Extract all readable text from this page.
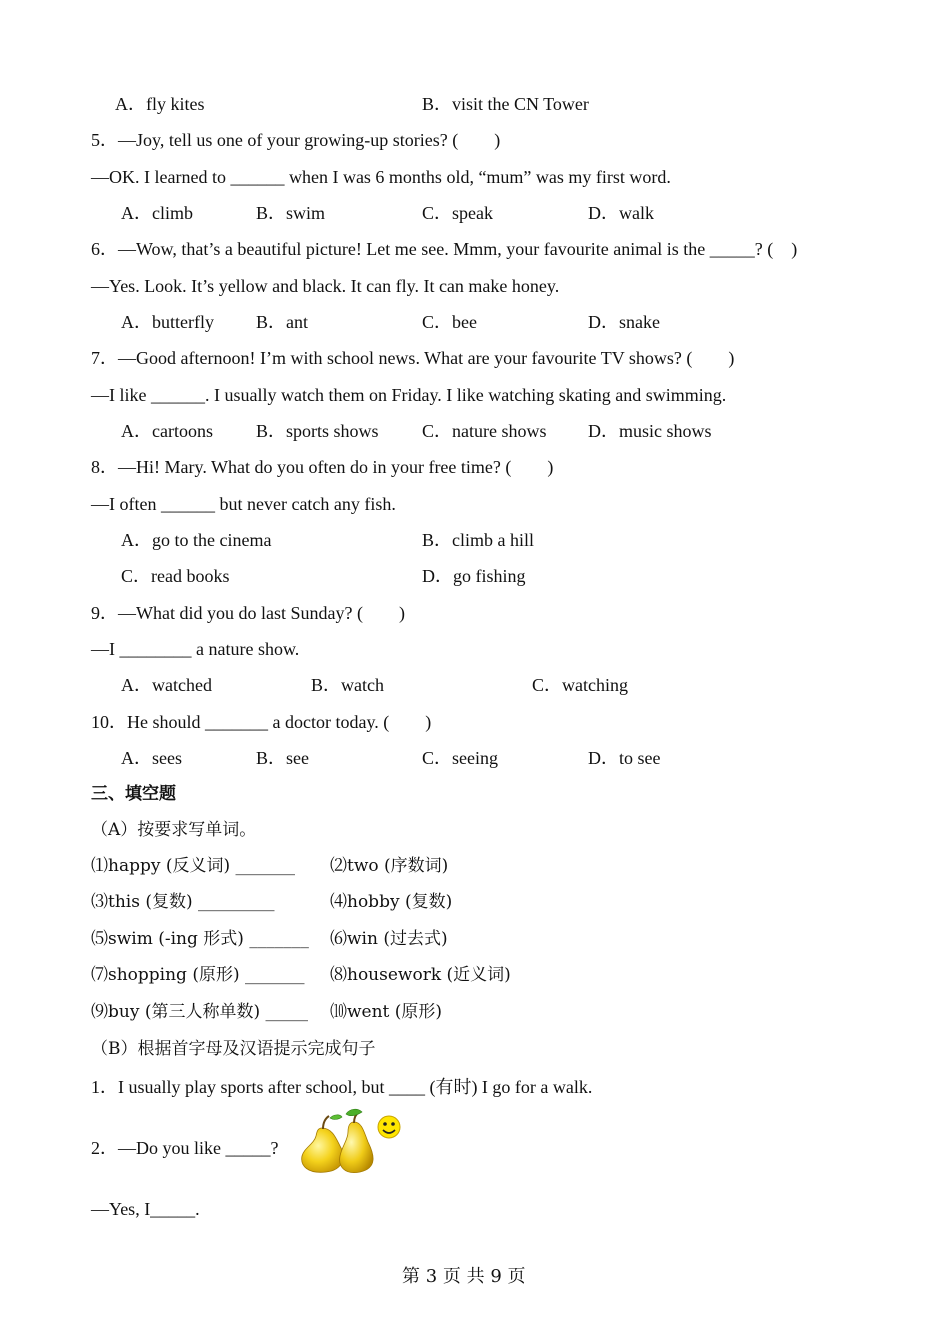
A．fly kites	B．visit the CN Tower
5．—Joy, tell us one of your growing-up stories? (　　)
—OK. I learned to ______ when I was 6 months old, “mum” was my first word.
A．climb	B．swim	C．speak	D．walk
6．—Wow, that’s a beautiful picture! Let me see. Mmm, your favourite animal is the _____? (　)
—Yes. Look. It’s yellow and black. It can fly. It can make honey.
A．butterfly B．ant	C．bee	D．snake
7．—Good afternoon! I’m with school news. What are your favourite TV shows? (　　)
—I like ______. I usually watch them on Friday. I like watching skating and swimming.
A．cartoons B．sports shows C．nature shows D．music shows
8．—Hi! Mary. What do you often do in your free time? (　　)
—I often ______ but never catch any fish.
A．go to the cinema	B．climb a hill
C．read books	D．go fishing
9．—What did you do last Sunday? (　　)
—I ________ a nature show.
A．watched	B．watch	C．watching
10．He should _______ a doctor today. (　　)
A．sees	B．see	C．seeing	D．to see
三、填空题
（A）按要求写单词。
⑴happy (反义词) _______ ⑵two (序数词)
⑶this (复数) _________	⑷hobby (复数)
⑸swim (-ing 形式) _______ ⑹win (过去式)
⑺shopping (原形) _______ ⑻housework (近义词)
⑼buy (第三人称单数) _____ ⑽went (原形)
（B）根据首字母及汉语提示完成句子
1．I usually play sports after school, but ____ (有时) I go for a walk.
2．—Do you like _____?
—Yes, I_____.
第 3 页 共 9 页
